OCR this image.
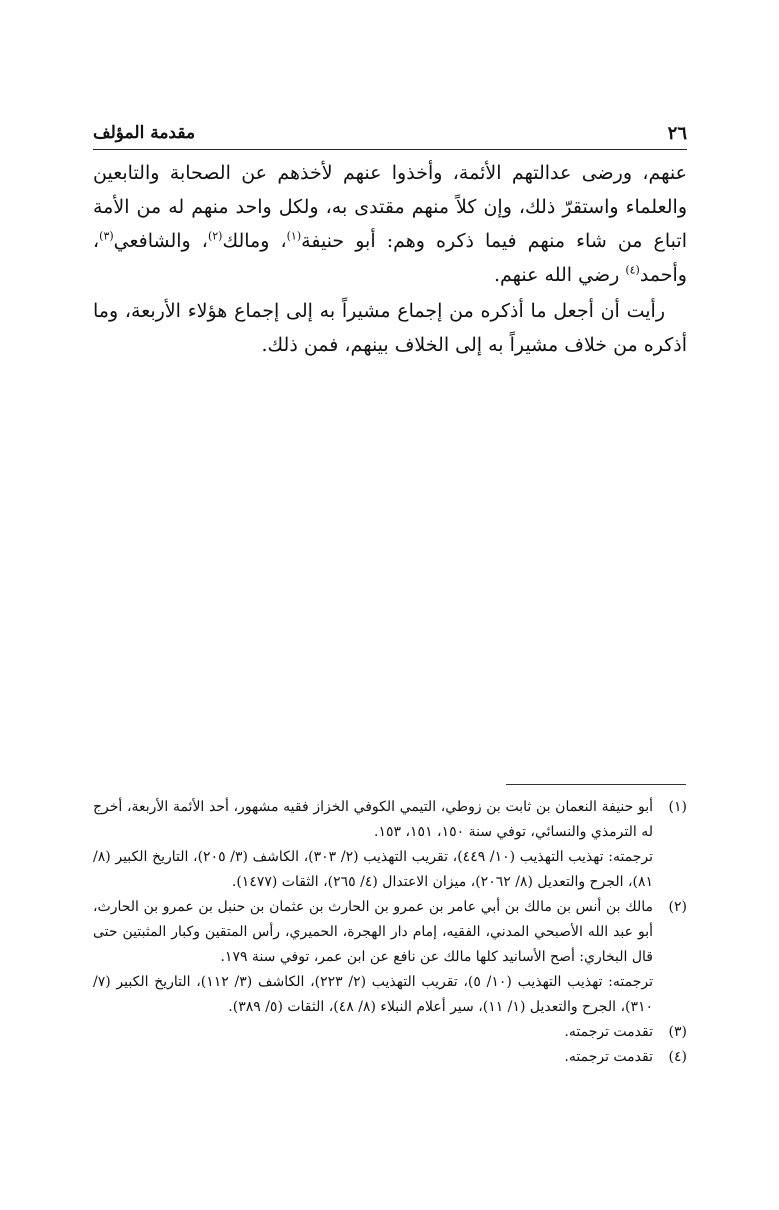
٢٦
مقدمة المؤلف

عنهم، ورضى عدالتهم الأئمة، وأخذوا عنهم لأخذهم عن الصحابة والتابعين والعلماء واستقرّ ذلك، وإن كلاً منهم مقتدى به، ولكل واحد منهم له من الأمة اتباع من شاء منهم فيما ذكره وهم: أبو حنيفة$^{(١)}$، ومالك$^{(٢)}$، والشافعي$^{(٣)}$، وأحمد$^{(٤)}$ رضي الله عنهم.

رأيت أن أجعل ما أذكره من إجماع مشيراً به إلى إجماع هؤلاء الأربعة، وما أذكره من خلاف مشيراً به إلى الخلاف بينهم، فمن ذلك.

(١)

أبو حنيفة النعمان بن ثابت بن زوطي، التيمي الكوفي الخزاز فقيه مشهور، أحد الأئمة الأربعة، أخرج له الترمذي والنسائي، توفي سنة ١٥٠، ١٥١، ١٥٣.

ترجمته: تهذيب التهذيب (١٠/ ٤٤٩)، تقريب التهذيب (٢/ ٣٠٣)، الكاشف (٣/ ٢٠٥)، التاريخ الكبير (٨/ ٨١)، الجرح والتعديل (٨/ ٢٠٦٢)، ميزان الاعتدال (٤/ ٢٦٥)، الثقات (١٤٧٧).

(٢)

مالك بن أنس بن مالك بن أبي عامر بن عمرو بن الحارث بن عثمان بن حنبل بن عمرو بن الحارث، أبو عبد الله الأصبحي المدني، الفقيه، إمام دار الهجرة، الحميري، رأس المتقين وكبار المثبتين حتى قال البخاري: أصح الأسانيد كلها مالك عن نافع عن ابن عمر، توفي سنة ١٧٩.

ترجمته: تهذيب التهذيب (١٠/ ٥)، تقريب التهذيب (٢/ ٢٢٣)، الكاشف (٣/ ١١٢)، التاريخ الكبير (٧/ ٣١٠)، الجرح والتعديل (١/ ١١)، سير أعلام النبلاء (٨/ ٤٨)، الثقات (٥/ ٣٨٩).

(٣)

تقدمت ترجمته.

(٤)

تقدمت ترجمته.
